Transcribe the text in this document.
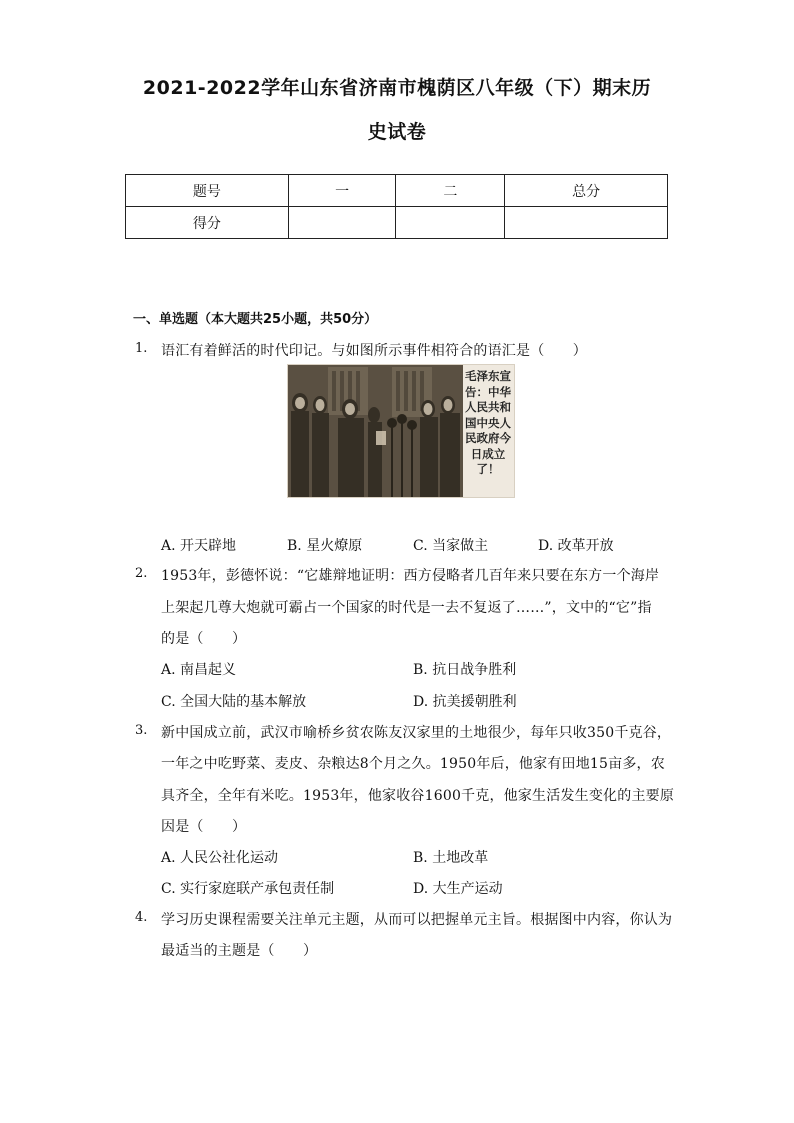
2021-2022学年山东省济南市槐荫区八年级（下）期末历
史试卷
题号	一	二	总分
得分			
一、单选题（本大题共25小题，共50分）
1. 语汇有着鲜活的时代印记。与如图所示事件相符合的语汇是（　　）
毛泽东宣告：中华人民共和国中央人民政府今日成立了！
A. 开天辟地	B. 星火燎原	C. 当家做主	D. 改革开放
2. 1953年，彭德怀说：“它雄辩地证明：西方侵略者几百年来只要在东方一个海岸
上架起几尊大炮就可霸占一个国家的时代是一去不复返了……”，文中的“它”指
的是（　　）
A. 南昌起义	B. 抗日战争胜利
C. 全国大陆的基本解放	D. 抗美援朝胜利
3. 新中国成立前，武汉市喻桥乡贫农陈友汉家里的土地很少，每年只收350千克谷，
一年之中吃野菜、麦皮、杂粮达8个月之久。1950年后，他家有田地15亩多，农
具齐全，全年有米吃。1953年，他家收谷1600千克，他家生活发生变化的主要原
因是（　　）
A. 人民公社化运动	B. 土地改革
C. 实行家庭联产承包责任制	D. 大生产运动
4. 学习历史课程需要关注单元主题，从而可以把握单元主旨。根据图中内容，你认为
最适当的主题是（　　）
